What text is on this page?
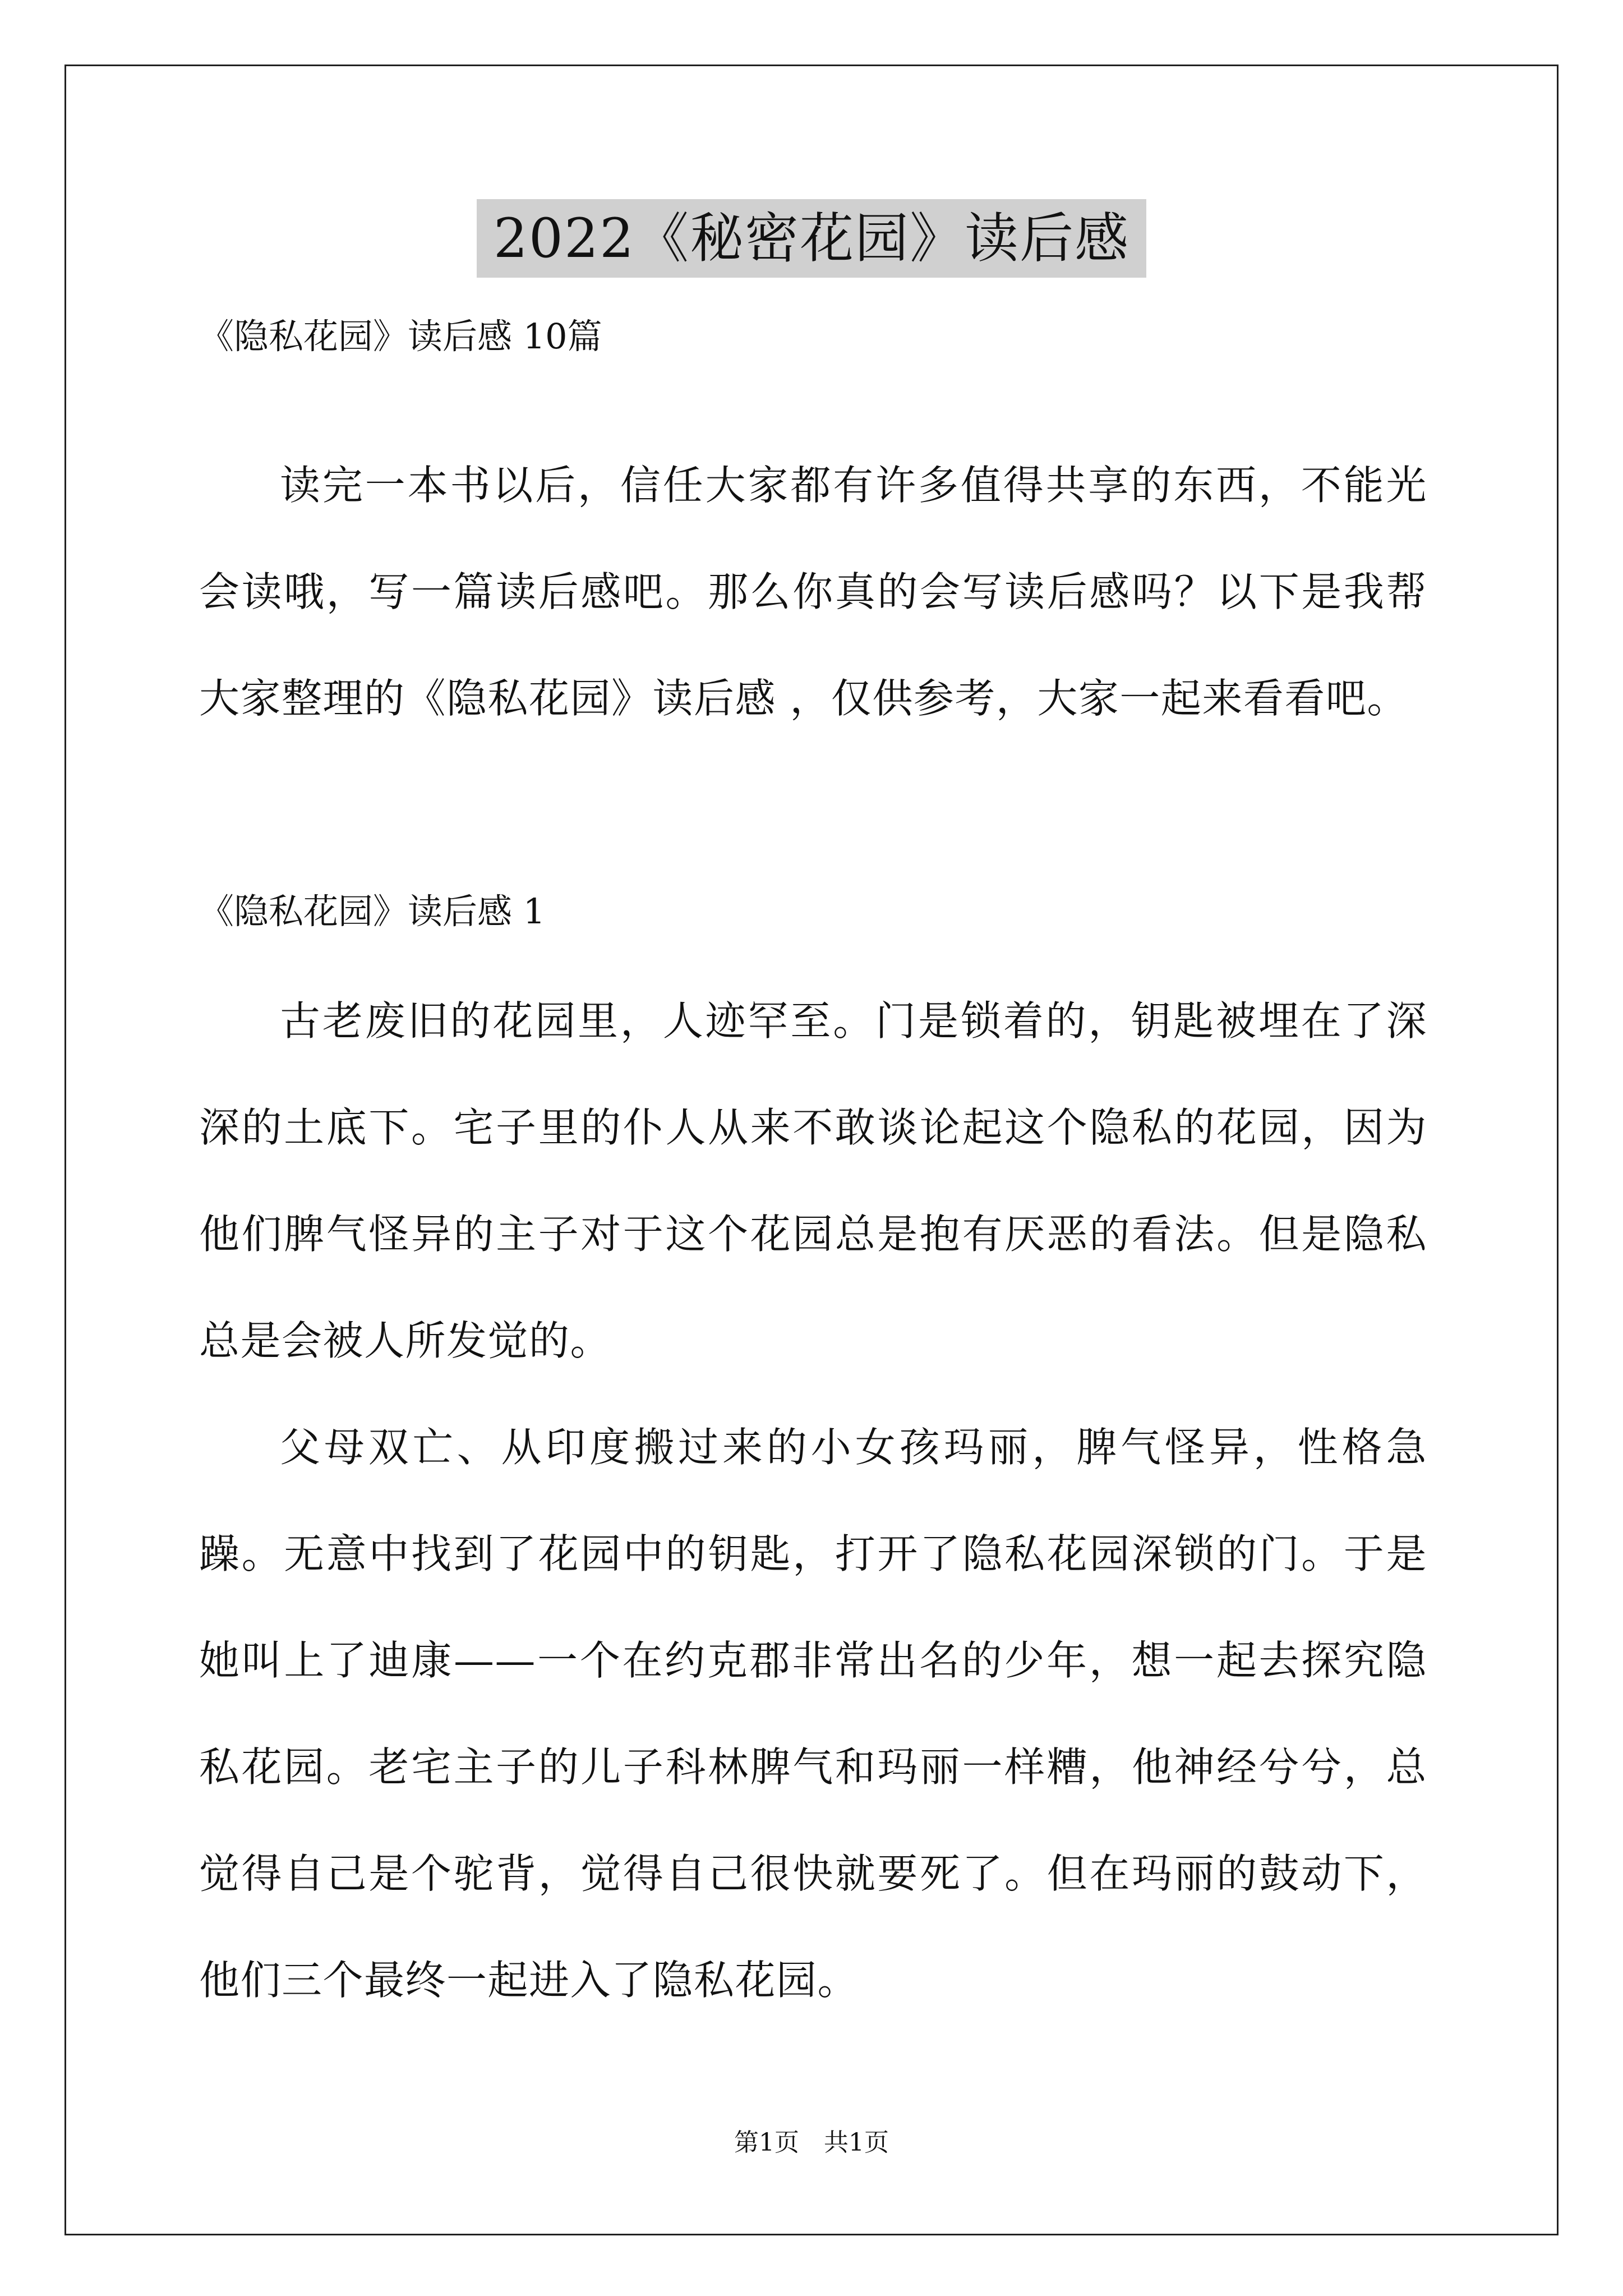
2022《秘密花园》读后感
《隐私花园》读后感 10篇
读完一本书以后，信任大家都有许多值得共享的东西，不能光会读哦，写一篇读后感吧。那么你真的会写读后感吗？以下是我帮大家整理的《隐私花园》读后感 ，仅供参考，大家一起来看看吧。
《隐私花园》读后感 1
古老废旧的花园里，人迹罕至。门是锁着的，钥匙被埋在了深深的土底下。宅子里的仆人从来不敢谈论起这个隐私的花园，因为他们脾气怪异的主子对于这个花园总是抱有厌恶的看法。但是隐私总是会被人所发觉的。
父母双亡、从印度搬过来的小女孩玛丽，脾气怪异，性格急躁。无意中找到了花园中的钥匙，打开了隐私花园深锁的门。于是她叫上了迪康——一个在约克郡非常出名的少年，想一起去探究隐私花园。老宅主子的儿子科林脾气和玛丽一样糟，他神经兮兮，总觉得自己是个驼背，觉得自己很快就要死了。但在玛丽的鼓动下，他们三个最终一起进入了隐私花园。
第1页　共1页
